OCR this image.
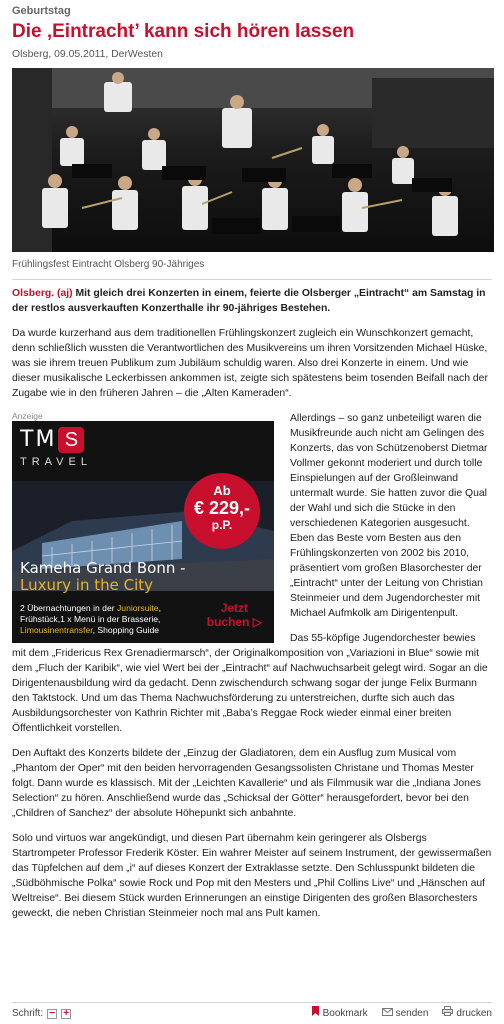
Geburtstag
Die ‚Eintracht’ kann sich hören lassen
Olsberg, 09.05.2011, DerWesten
Frühlingsfest Eintracht Olsberg 90-Jähriges
Olsberg. (aj) Mit gleich drei Konzerten in einem, feierte die Olsberger „Eintracht“ am Samstag in der restlos ausverkauften Konzerthalle ihr 90-jähriges Bestehen.

Da wurde kurzerhand aus dem traditionellen Frühlingskonzert zugleich ein Wunschkonzert gemacht, denn schließlich wussten die Verantwortlichen des Musikvereins um ihren Vorsitzenden Michael Hüske, was sie ihrem treuen Publikum zum Jubiläum schuldig waren. Also drei Konzerte in einem. Und wie dieser musikalische Leckerbissen ankommen ist, zeigte sich spätestens beim tosenden Beifall nach der Zugabe wie in den früheren Jahren – die „Alten Kameraden“.

Anzeige
TM S
TRAVEL
Ab
€ 229,-
p.P.
Kameha Grand Bonn -
Luxury in the City
2 Übernachtungen in der Juniorsuite,
Frühstück,1 x Menü in der Brasserie,
Limousinentransfer, Shopping Guide
Jetzt
buchen ▷

Allerdings – so ganz unbeteiligt waren die Musikfreunde auch nicht am Gelingen des Konzerts, das von Schützenoberst Dietmar Vollmer gekonnt moderiert und durch tolle Einspielungen auf der Großleinwand untermalt wurde. Sie hatten zuvor die Qual der Wahl und sich die Stücke in den verschiedenen Kategorien ausgesucht. Eben das Beste vom Besten aus den Frühlingskonzerten von 2002 bis 2010, präsentiert vom großen Blasorchester der „Eintracht“ unter der Leitung von Christian Steinmeier und dem Jugendorchester mit Michael Aufmkolk am Dirigentenpult.

Das 55-köpfige Jugendorchester bewies mit dem „Fridericus Rex Grenadiermarsch“, der Originalkomposition von „Variazioni in Blue“ sowie mit dem „Fluch der Karibik“, wie viel Wert bei der „Eintracht“ auf Nachwuchsarbeit gelegt wird. Sogar an die Dirigentenausbildung wird da gedacht. Denn zwischendurch schwang sogar der junge Felix Burmann den Taktstock. Und um das Thema Nachwuchsförderung zu unterstreichen, durfte sich auch das Ausbildungsorchester von Kathrin Richter mit „Baba’s Reggae Rock wieder einmal einer breiten Öffentlichkeit vorstellen.

Den Auftakt des Konzerts bildete der „Einzug der Gladiatoren, dem ein Ausflug zum Musical vom „Phantom der Oper“ mit den beiden hervorragenden Gesangssolisten Christane und Thomas Mester folgt. Dann wurde es klassisch. Mit der „Leichten Kavallerie“ und als Filmmusik war die „Indiana Jones Selection“ zu hören. Anschließend wurde das „Schicksal der Götter“ herausgefordert, bevor bei den „Children of Sanchez“ der absolute Höhepunkt sich anbahnte.

Solo und virtuos war angekündigt, und diesen Part übernahm kein geringerer als Olsbergs Startrompeter Professor Frederik Köster. Ein wahrer Meister auf seinem Instrument, der gewissermaßen das Tüpfelchen auf dem „i“ auf dieses Konzert der Extraklasse setzte. Den Schlusspunkt bildeten die „Südböhmische Polka“ sowie Rock und Pop mit den Mesters und „Phil Collins Live“ und „Hänschen auf Weltreise“. Bei diesem Stück wurden Erinnerungen an einstige Dirigenten des großen Blasorchesters geweckt, die neben Christian Steinmeier noch mal ans Pult kamen.

Schrift: − +	Bookmark	senden	drucken
